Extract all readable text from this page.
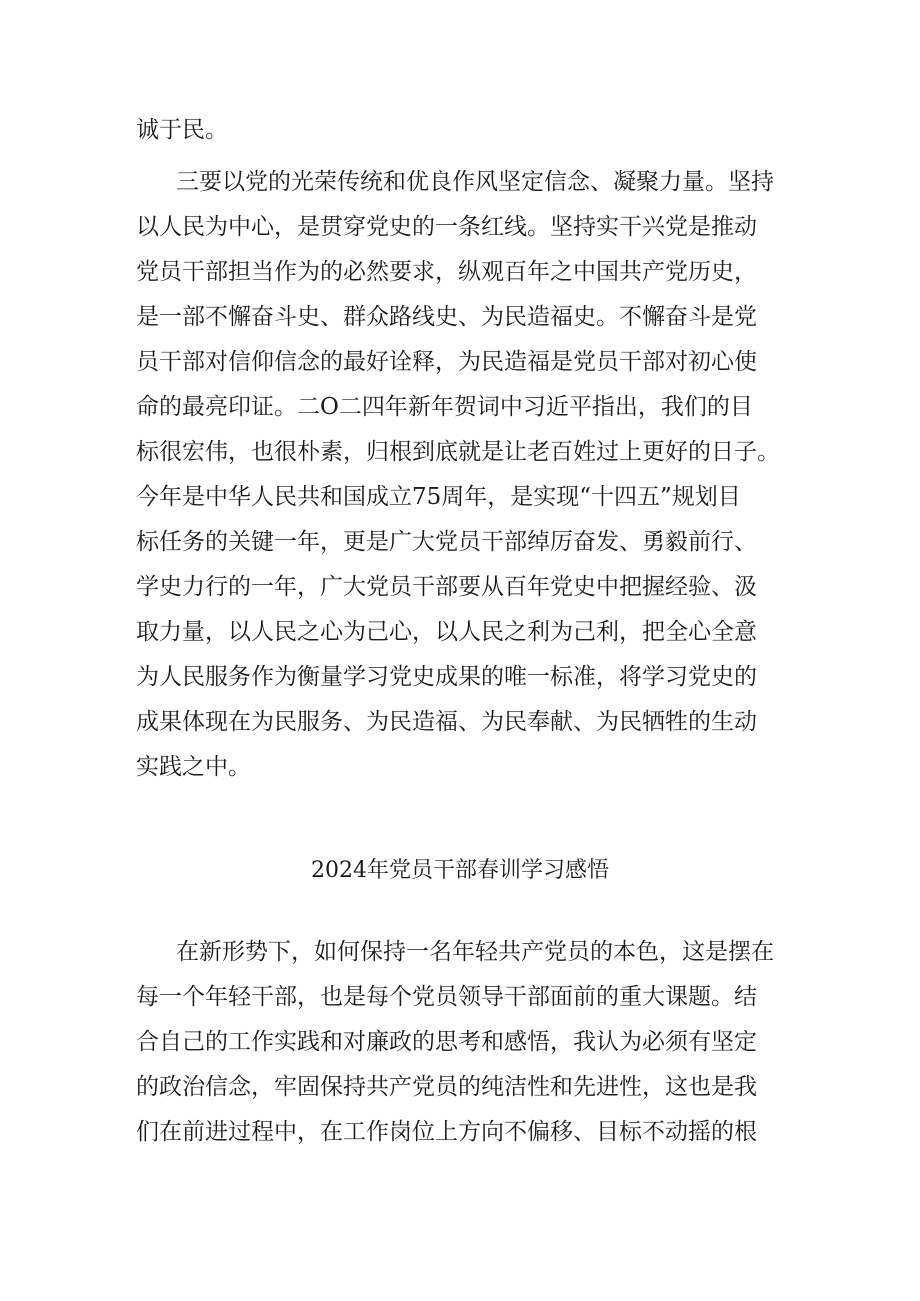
诚于民。
三要以党的光荣传统和优良作风坚定信念、凝聚力量。坚持
以人民为中心，是贯穿党史的一条红线。坚持实干兴党是推动
党员干部担当作为的必然要求，纵观百年之中国共产党历史，
是一部不懈奋斗史、群众路线史、为民造福史。不懈奋斗是党
员干部对信仰信念的最好诠释，为民造福是党员干部对初心使
命的最亮印证。二O二四年新年贺词中习近平指出，我们的目
标很宏伟，也很朴素，归根到底就是让老百姓过上更好的日子。
今年是中华人民共和国成立75周年，是实现“十四五”规划目
标任务的关键一年，更是广大党员干部绰厉奋发、勇毅前行、
学史力行的一年，广大党员干部要从百年党史中把握经验、汲
取力量，以人民之心为己心，以人民之利为己利，把全心全意
为人民服务作为衡量学习党史成果的唯一标准，将学习党史的
成果体现在为民服务、为民造福、为民奉献、为民牺牲的生动
实践之中。
2024年党员干部春训学习感悟
在新形势下，如何保持一名年轻共产党员的本色，这是摆在
每一个年轻干部，也是每个党员领导干部面前的重大课题。结
合自己的工作实践和对廉政的思考和感悟，我认为必须有坚定
的政治信念，牢固保持共产党员的纯洁性和先进性，这也是我
们在前进过程中，在工作岗位上方向不偏移、目标不动摇的根
